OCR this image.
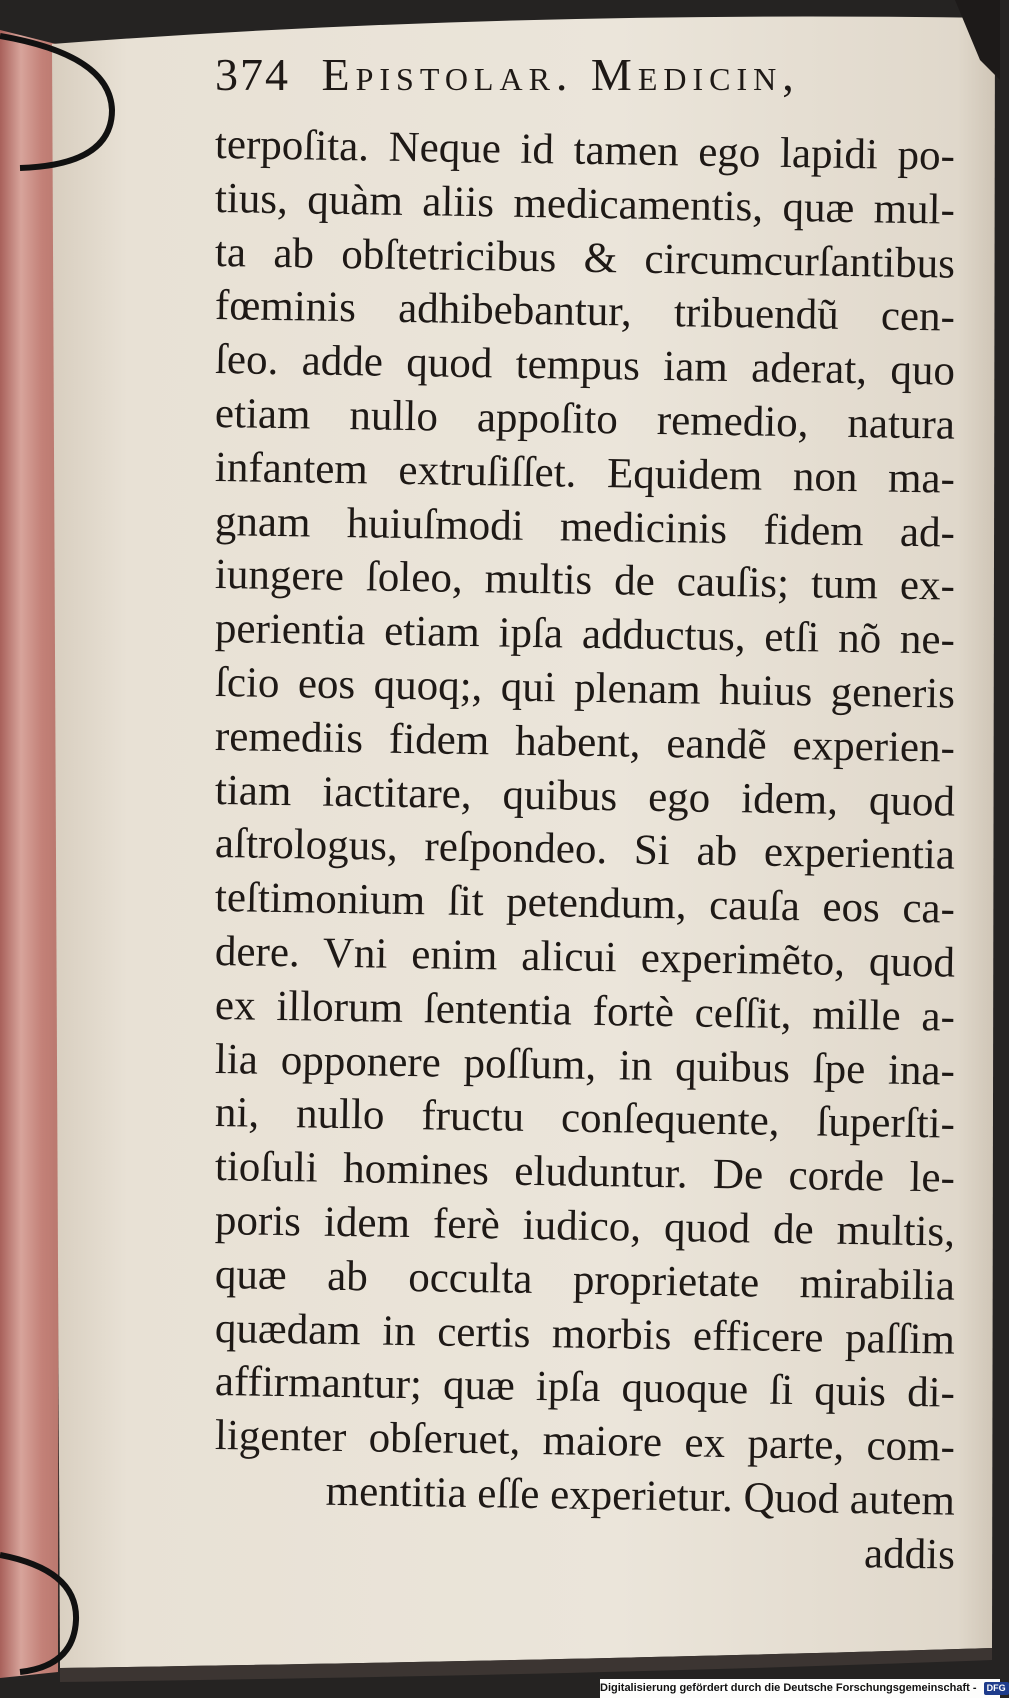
374 Epistolar. Medicin,
terpoſita. Neque id tamen ego lapidi po-
tius, quàm aliis medicamentis, quæ mul-
ta ab obſtetricibus & circumcurſantibus
fœminis adhibebantur, tribuendũ cen-
ſeo. adde quod tempus iam aderat, quo
etiam nullo appoſito remedio, natura
infantem extruſiſſet. Equidem non ma-
gnam huiuſmodi medicinis fidem ad-
iungere ſoleo, multis de cauſis; tum ex-
perientia etiam ipſa adductus, etſi nõ ne-
ſcio eos quoq;, qui plenam huius generis
remediis fidem habent, eandẽ experien-
tiam iactitare, quibus ego idem, quod
aſtrologus, reſpondeo. Si ab experientia
teſtimonium ſit petendum, cauſa eos ca-
dere. Vni enim alicui experimẽto, quod
ex illorum ſententia fortè ceſſit, mille a-
lia opponere poſſum, in quibus ſpe ina-
ni, nullo fructu conſequente, ſuperſti-
tioſuli homines eluduntur. De corde le-
poris idem ferè iudico, quod de multis,
quæ ab occulta proprietate mirabilia
quædam in certis morbis efficere paſſim
affirmantur; quæ ipſa quoque ſi quis di-
ligenter obſeruet, maiore ex parte, com-
mentitia eſſe experietur. Quod autem
addis
Digitalisierung gefördert durch die Deutsche Forschungsgemeinschaft - DFG
